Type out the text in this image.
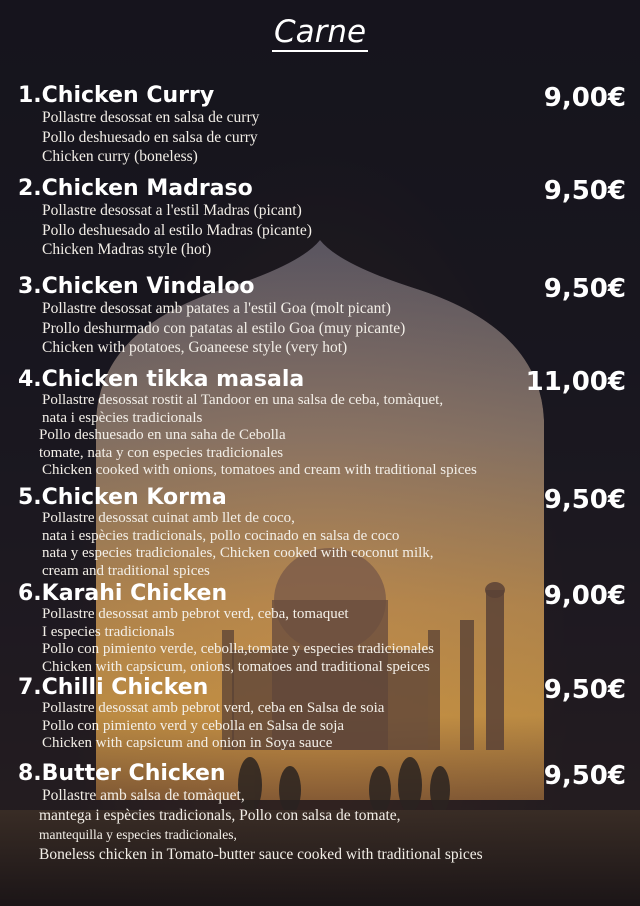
Carne
1.Chicken Curry	9,00€
Pollastre desossat en salsa de curry
Pollo deshuesado en salsa de curry
Chicken curry (boneless)
2.Chicken Madraso	9,50€
Pollastre desossat a l'estil Madras (picant)
Pollo deshuesado al estilo Madras (picante)
Chicken Madras style (hot)
3.Chicken Vindaloo	9,50€
Pollastre desossat amb patates a l'estil Goa (molt picant)
Prollo deshurmado con patatas al estilo Goa (muy picante)
Chicken with potatoes, Goaneese style (very hot)
4.Chicken tikka masala	11,00€
Pollastre desossat rostit al Tandoor en una salsa de ceba, tomàquet,
nata i espècies tradicionals
Pollo deshuesado en una saha de Cebolla
tomate, nata y con especies tradicionales
Chicken cooked with onions, tomatoes and cream with traditional spices
5.Chicken Korma	9,50€
Pollastre desossat cuinat amb llet de coco,
nata i espècies tradicionals, pollo cocinado en salsa de coco
nata y especies tradicionales, Chicken cooked with coconut milk,
cream and traditional spices
6.Karahi Chicken	9,00€
Pollastre desossat amb pebrot verd, ceba, tomaquet
I especies tradicionals
Pollo con pimiento verde, cebolla,tomate y especies tradicionales
Chicken with capsicum, onions, tomatoes and traditional speices
7.Chilli Chicken	9,50€
Pollastre desossat amb pebrot verd, ceba en Salsa de soia
Pollo con pimiento verd y cebolla en Salsa de soja
Chicken with capsicum and onion in Soya sauce
8.Butter Chicken	9,50€
Pollastre amb salsa de tomàquet,
mantega i espècies tradicionals, Pollo con salsa de tomate,
mantequilla y especies tradicionales,
Boneless chicken in Tomato-butter sauce cooked with traditional spices
